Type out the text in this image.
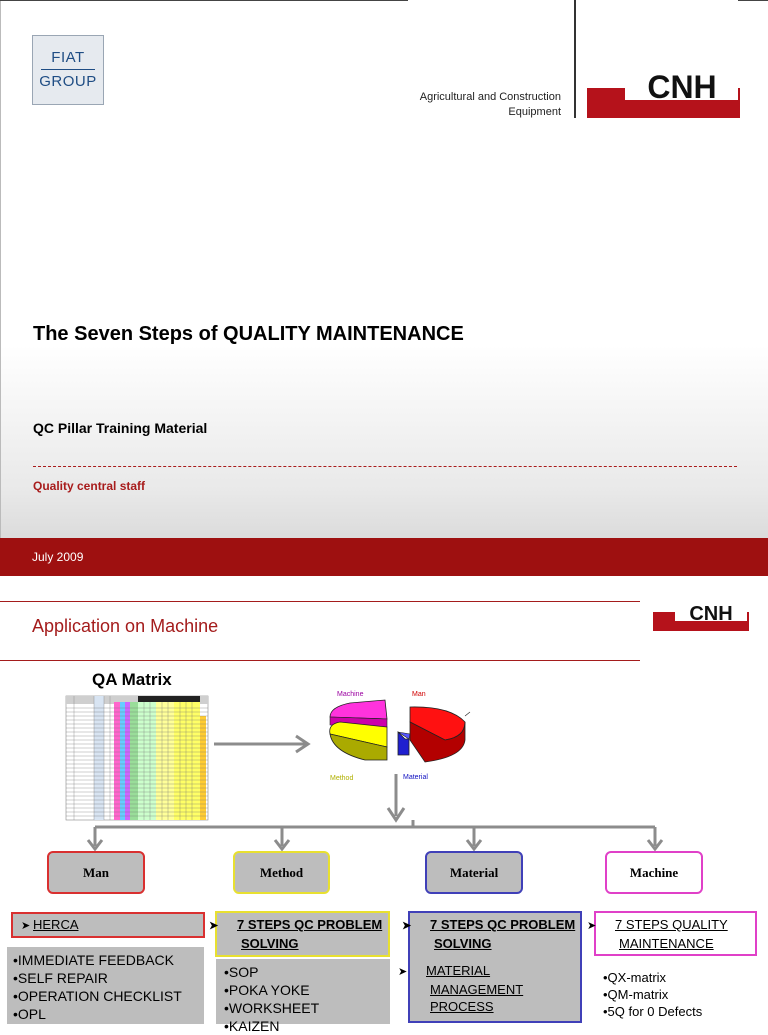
FIAT
GROUP
Agricultural and Construction
Equipment
CNH
The Seven Steps of QUALITY MAINTENANCE
QC Pillar Training Material
Quality central staff
July 2009
Application on Machine
CNH
QA Matrix
Machine	Man
Method	Material
Man	Method	Material	Machine
➤ HERCA
•IMMEDIATE FEEDBACK
•SELF REPAIR
•OPERATION CHECKLIST
•OPL
➤ 7 STEPS QC PROBLEM SOLVING
•SOP
•POKA YOKE
•WORKSHEET
•KAIZEN
➤ 7 STEPS QC PROBLEM SOLVING
➤ MATERIAL MANAGEMENT PROCESS
➤ 7 STEPS QUALITY MAINTENANCE
•QX-matrix
•QM-matrix
•5Q for 0 Defects
